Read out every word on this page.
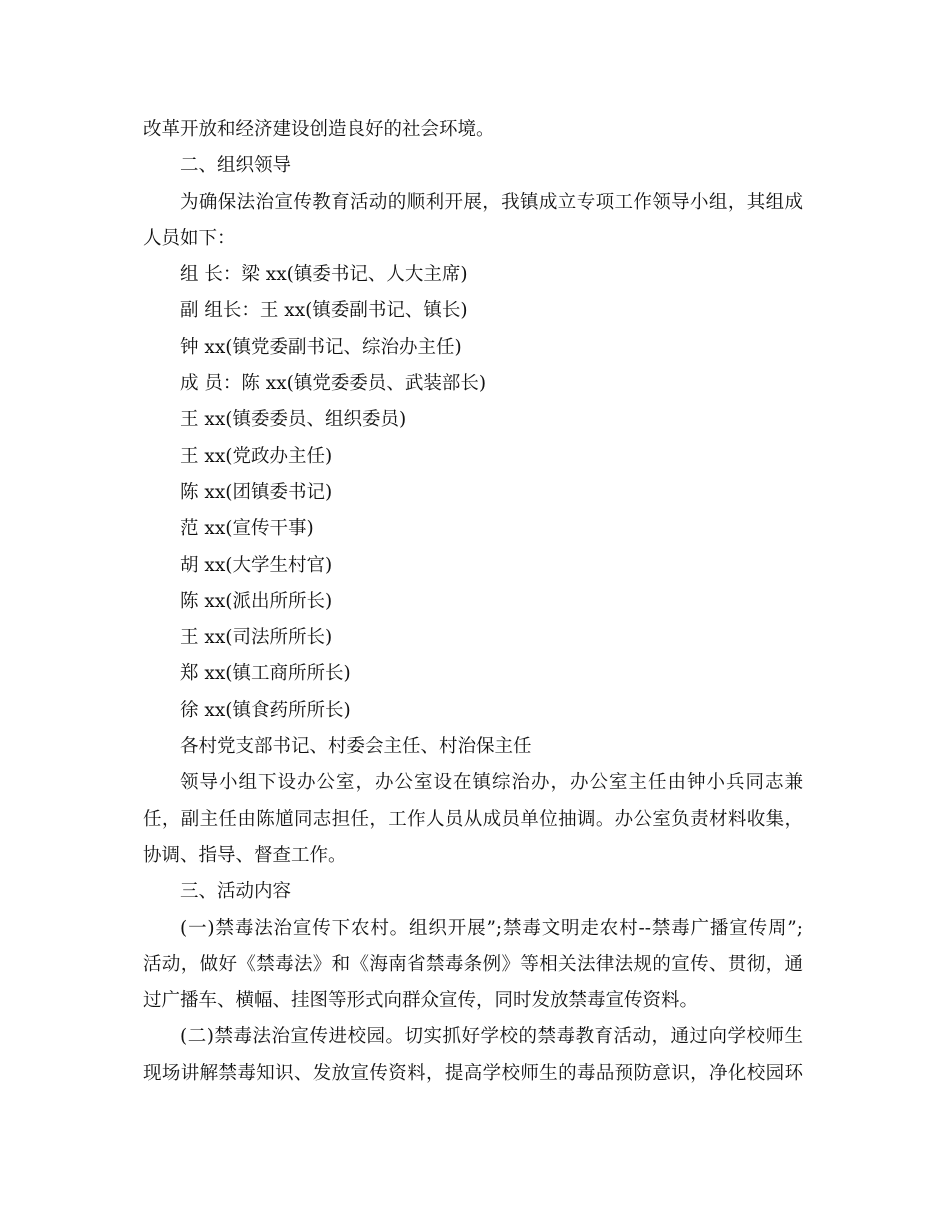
改革开放和经济建设创造良好的社会环境。
二、组织领导
为确保法治宣传教育活动的顺利开展，我镇成立专项工作领导小组，其组成
人员如下：
组 长：梁 xx(镇委书记、人大主席)
副 组长：王 xx(镇委副书记、镇长)
钟 xx(镇党委副书记、综治办主任)
成 员：陈 xx(镇党委委员、武装部长)
王 xx(镇委委员、组织委员)
王 xx(党政办主任)
陈 xx(团镇委书记)
范 xx(宣传干事)
胡 xx(大学生村官)
陈 xx(派出所所长)
王 xx(司法所所长)
郑 xx(镇工商所所长)
徐 xx(镇食药所所长)
各村党支部书记、村委会主任、村治保主任
领导小组下设办公室，办公室设在镇综治办，办公室主任由钟小兵同志兼
任，副主任由陈馗同志担任，工作人员从成员单位抽调。办公室负责材料收集，
协调、指导、督查工作。
三、活动内容
(一)禁毒法治宣传下农村。组织开展”;禁毒文明走农村--禁毒广播宣传周”;
活动，做好《禁毒法》和《海南省禁毒条例》等相关法律法规的宣传、贯彻，通
过广播车、横幅、挂图等形式向群众宣传，同时发放禁毒宣传资料。
(二)禁毒法治宣传进校园。切实抓好学校的禁毒教育活动，通过向学校师生
现场讲解禁毒知识、发放宣传资料，提高学校师生的毒品预防意识，净化校园环
